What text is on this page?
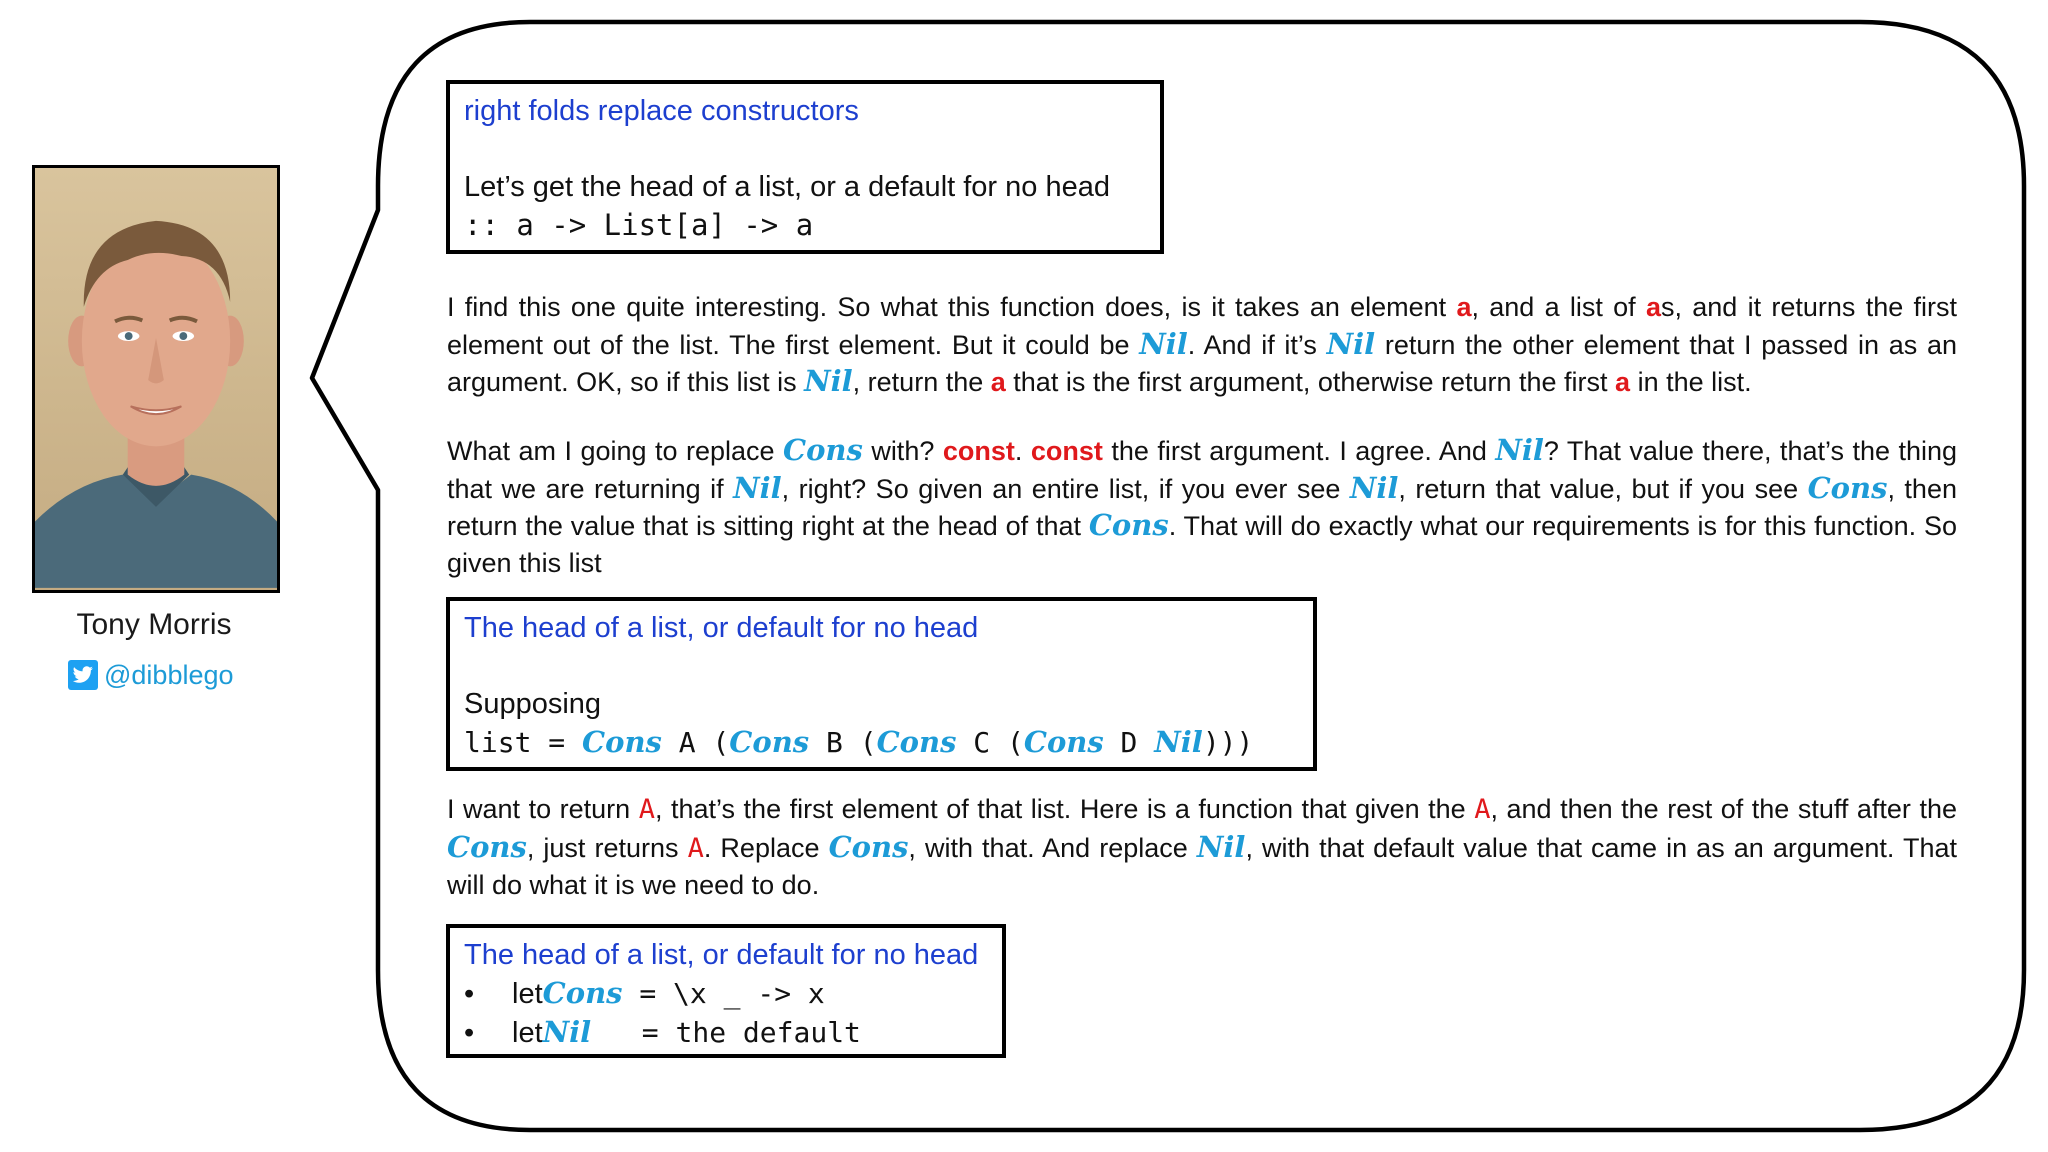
Tony Morris
@dibblego
right folds replace constructors
Let’s get the head of a list, or a default for no head
:: a -> List[a] -> a
I find this one quite interesting. So what this function does, is it takes an element a, and a list of as, and it returns the first element out of the list. The first element. But it could be Nil. And if it’s Nil return the other element that I passed in as an argument. OK, so if this list is Nil, return the a that is the first argument, otherwise return the first a in the list.
What am I going to replace Cons with? const. const the first argument. I agree. And Nil? That value there, that’s the thing that we are returning if Nil, right? So given an entire list, if you ever see Nil, return that value, but if you see Cons, then return the value that is sitting right at the head of that Cons. That will do exactly what our requirements is for this function. So given this list
The head of a list, or default for no head
Supposing
list = Cons A (Cons B (Cons C (Cons D Nil)))
I want to return A, that’s the first element of that list. Here is a function that given the A, and then the rest of the stuff after the Cons, just returns A. Replace Cons, with that. And replace Nil, with that default value that came in as an argument. That will do what it is we need to do.
The head of a list, or default for no head
•	let Cons = \x _ -> x
•	let Nil = the default
